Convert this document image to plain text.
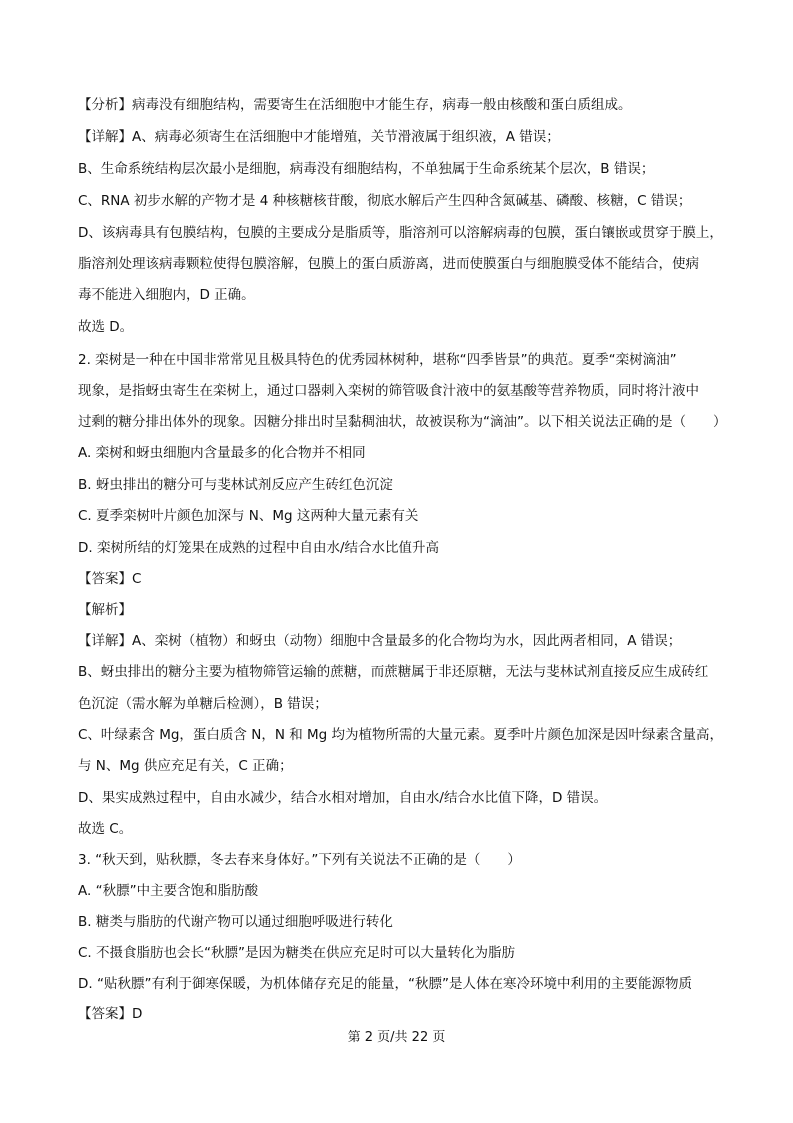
【分析】病毒没有细胞结构，需要寄生在活细胞中才能生存，病毒一般由核酸和蛋白质组成。
【详解】A、病毒必须寄生在活细胞中才能增殖，关节滑液属于组织液，A 错误；
B、生命系统结构层次最小是细胞，病毒没有细胞结构，不单独属于生命系统某个层次，B 错误；
C、RNA 初步水解的产物才是 4 种核糖核苷酸，彻底水解后产生四种含氮碱基、磷酸、核糖，C 错误；
D、该病毒具有包膜结构，包膜的主要成分是脂质等，脂溶剂可以溶解病毒的包膜，蛋白镶嵌或贯穿于膜上，
脂溶剂处理该病毒颗粒使得包膜溶解，包膜上的蛋白质游离，进而使膜蛋白与细胞膜受体不能结合，使病
毒不能进入细胞内，D 正确。
故选 D。
2. 栾树是一种在中国非常常见且极具特色的优秀园林树种，堪称“四季皆景”的典范。夏季“栾树滴油”
现象，是指蚜虫寄生在栾树上，通过口器刺入栾树的筛管吸食汁液中的氨基酸等营养物质，同时将汁液中
过剩的糖分排出体外的现象。因糖分排出时呈黏稠油状，故被误称为“滴油”。以下相关说法正确的是（　　）
A. 栾树和蚜虫细胞内含量最多的化合物并不相同
B. 蚜虫排出的糖分可与斐林试剂反应产生砖红色沉淀
C. 夏季栾树叶片颜色加深与 N、Mg 这两种大量元素有关
D. 栾树所结的灯笼果在成熟的过程中自由水/结合水比值升高
【答案】C
【解析】
【详解】A、栾树（植物）和蚜虫（动物）细胞中含量最多的化合物均为水，因此两者相同，A 错误；
B、蚜虫排出的糖分主要为植物筛管运输的蔗糖，而蔗糖属于非还原糖，无法与斐林试剂直接反应生成砖红
色沉淀（需水解为单糖后检测），B 错误；
C、叶绿素含 Mg，蛋白质含 N，N 和 Mg 均为植物所需的大量元素。夏季叶片颜色加深是因叶绿素含量高，
与 N、Mg 供应充足有关，C 正确；
D、果实成熟过程中，自由水减少，结合水相对增加，自由水/结合水比值下降，D 错误。
故选 C。
3. “秋天到，贴秋膘，冬去春来身体好。”下列有关说法不正确的是（　　）
A. “秋膘”中主要含饱和脂肪酸
B. 糖类与脂肪的代谢产物可以通过细胞呼吸进行转化
C. 不摄食脂肪也会长“秋膘”是因为糖类在供应充足时可以大量转化为脂肪
D. “贴秋膘”有利于御寒保暖，为机体储存充足的能量，“秋膘”是人体在寒冷环境中利用的主要能源物质
【答案】D
第 2 页/共 22 页
